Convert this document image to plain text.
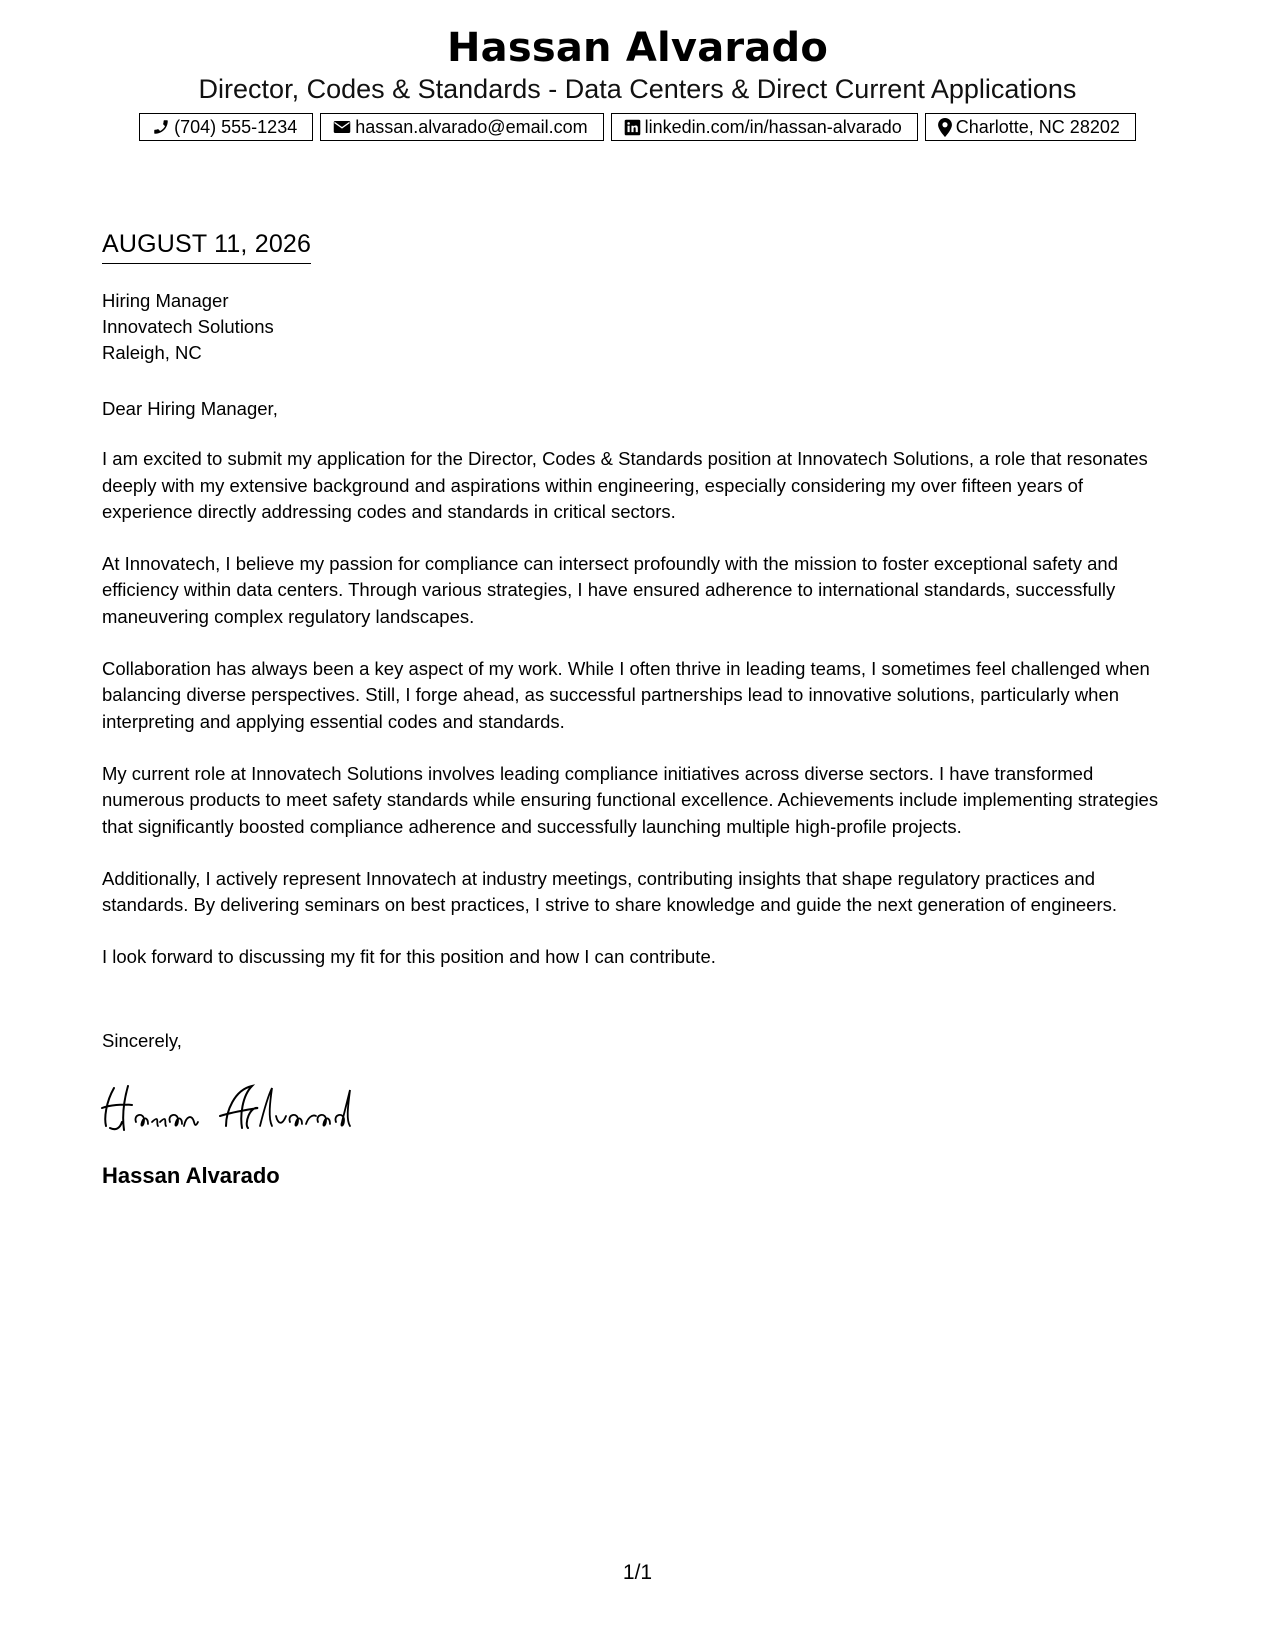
Hassan Alvarado
Director, Codes & Standards - Data Centers & Direct Current Applications
(704) 555-1234	hassan.alvarado@email.com	linkedin.com/in/hassan-alvarado	Charlotte, NC 28202
AUGUST 11, 2026
Hiring Manager
Innovatech Solutions
Raleigh, NC

Dear Hiring Manager,

I am excited to submit my application for the Director, Codes & Standards position at Innovatech Solutions, a role that resonates deeply with my extensive background and aspirations within engineering, especially considering my over fifteen years of experience directly addressing codes and standards in critical sectors.

At Innovatech, I believe my passion for compliance can intersect profoundly with the mission to foster exceptional safety and efficiency within data centers. Through various strategies, I have ensured adherence to international standards, successfully maneuvering complex regulatory landscapes.

Collaboration has always been a key aspect of my work. While I often thrive in leading teams, I sometimes feel challenged when balancing diverse perspectives. Still, I forge ahead, as successful partnerships lead to innovative solutions, particularly when interpreting and applying essential codes and standards.

My current role at Innovatech Solutions involves leading compliance initiatives across diverse sectors. I have transformed numerous products to meet safety standards while ensuring functional excellence. Achievements include implementing strategies that significantly boosted compliance adherence and successfully launching multiple high-profile projects.

Additionally, I actively represent Innovatech at industry meetings, contributing insights that shape regulatory practices and standards. By delivering seminars on best practices, I strive to share knowledge and guide the next generation of engineers.

I look forward to discussing my fit for this position and how I can contribute.

Sincerely,
Hassan Alvarado
1/1
